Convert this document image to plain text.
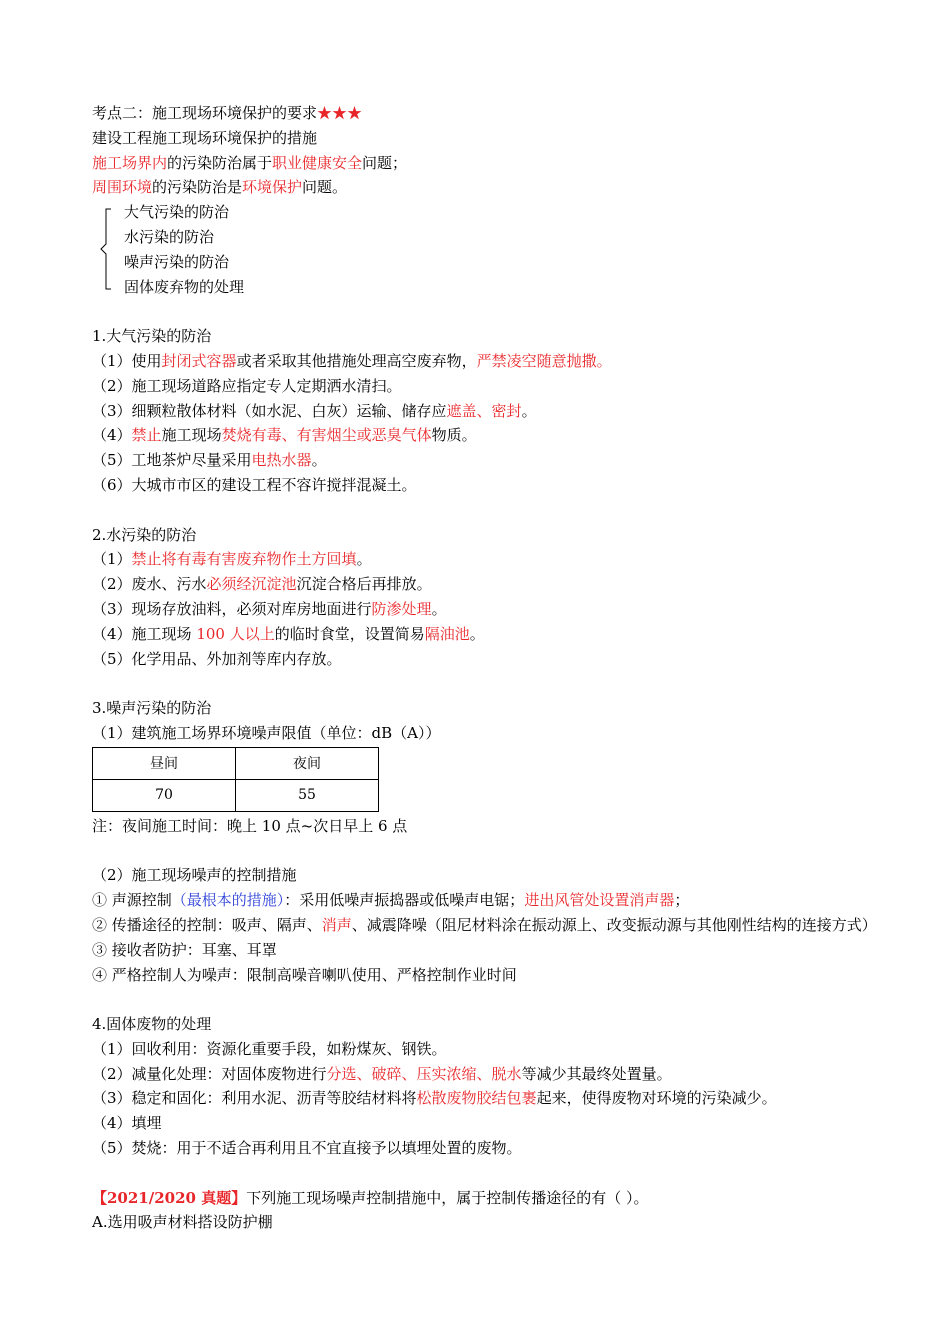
考点二：施工现场环境保护的要求★★★
建设工程施工现场环境保护的措施
施工场界内的污染防治属于职业健康安全问题；
周围环境的污染防治是环境保护问题。
大气污染的防治
水污染的防治
噪声污染的防治
固体废弃物的处理
1.大气污染的防治
（1）使用封闭式容器或者采取其他措施处理高空废弃物，严禁凌空随意抛撒。
（2）施工现场道路应指定专人定期洒水清扫。
（3）细颗粒散体材料（如水泥、白灰）运输、储存应遮盖、密封。
（4）禁止施工现场焚烧有毒、有害烟尘或恶臭气体物质。
（5）工地茶炉尽量采用电热水器。
（6）大城市市区的建设工程不容许搅拌混凝土。
2.水污染的防治
（1）禁止将有毒有害废弃物作土方回填。
（2）废水、污水必须经沉淀池沉淀合格后再排放。
（3）现场存放油料，必须对库房地面进行防渗处理。
（4）施工现场 100 人以上的临时食堂，设置简易隔油池。
（5）化学用品、外加剂等库内存放。
3.噪声污染的防治
（1）建筑施工场界环境噪声限值（单位：dB（A））
昼间	夜间
70	55
注：夜间施工时间：晚上 10 点~次日早上 6 点
（2）施工现场噪声的控制措施
① 声源控制（最根本的措施）：采用低噪声振捣器或低噪声电锯；进出风管处设置消声器；
② 传播途径的控制：吸声、隔声、消声、减震降噪（阻尼材料涂在振动源上、改变振动源与其他刚性结构的连接方式）
③ 接收者防护：耳塞、耳罩
④ 严格控制人为噪声：限制高噪音喇叭使用、严格控制作业时间
4.固体废物的处理
（1）回收利用：资源化重要手段，如粉煤灰、钢铁。
（2）减量化处理：对固体废物进行分选、破碎、压实浓缩、脱水等减少其最终处置量。
（3）稳定和固化：利用水泥、沥青等胶结材料将松散废物胶结包裹起来，使得废物对环境的污染减少。
（4）填埋
（5）焚烧：用于不适合再利用且不宜直接予以填埋处置的废物。
【2021/2020 真题】下列施工现场噪声控制措施中，属于控制传播途径的有（ ）。
A.选用吸声材料搭设防护棚
